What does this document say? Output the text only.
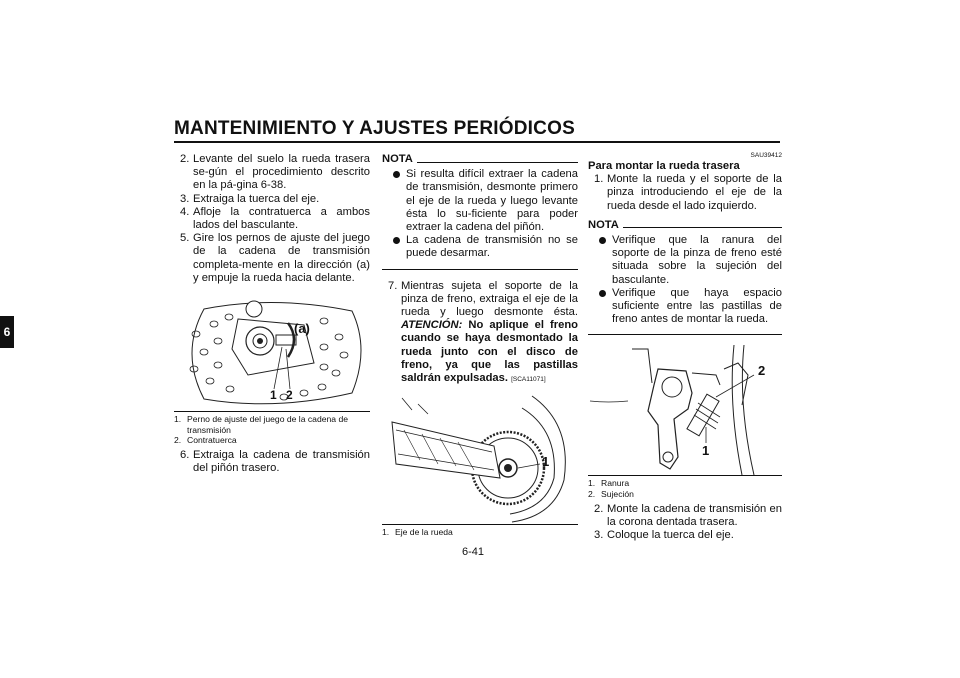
MANTENIMIENTO Y AJUSTES PERIÓDICOS
6
6-41
2. Levante del suelo la rueda trasera se-gún el procedimiento descrito en la pá-gina 6-38.
3. Extraiga la tuerca del eje.
4. Afloje la contratuerca a ambos lados del basculante.
5. Gire los pernos de ajuste del juego de la cadena de transmisión completa-mente en la dirección (a) y empuje la rueda hacia delante.
(a)
1 2
1. Perno de ajuste del juego de la cadena de transmisión
2. Contratuerca
6. Extraiga la cadena de transmisión del piñón trasero.
NOTA
Si resulta difícil extraer la cadena de transmisión, desmonte primero el eje de la rueda y luego levante ésta lo su-ficiente para poder extraer la cadena del piñón.
La cadena de transmisión no se puede desarmar.
7. Mientras sujeta el soporte de la pinza de freno, extraiga el eje de la rueda y luego desmonte ésta. ATENCIÓN: No aplique el freno cuando se haya desmontado la rueda junto con el disco de freno, ya que las pastillas saldrán expulsadas. [SCA11071]
1
1. Eje de la rueda
SAU39412
Para montar la rueda trasera
1. Monte la rueda y el soporte de la pinza introduciendo el eje de la rueda desde el lado izquierdo.
NOTA
Verifique que la ranura del soporte de la pinza de freno esté situada sobre la sujeción del basculante.
Verifique que haya espacio suficiente entre las pastillas de freno antes de montar la rueda.
2
1
1. Ranura
2. Sujeción
2. Monte la cadena de transmisión en la corona dentada trasera.
3. Coloque la tuerca del eje.
